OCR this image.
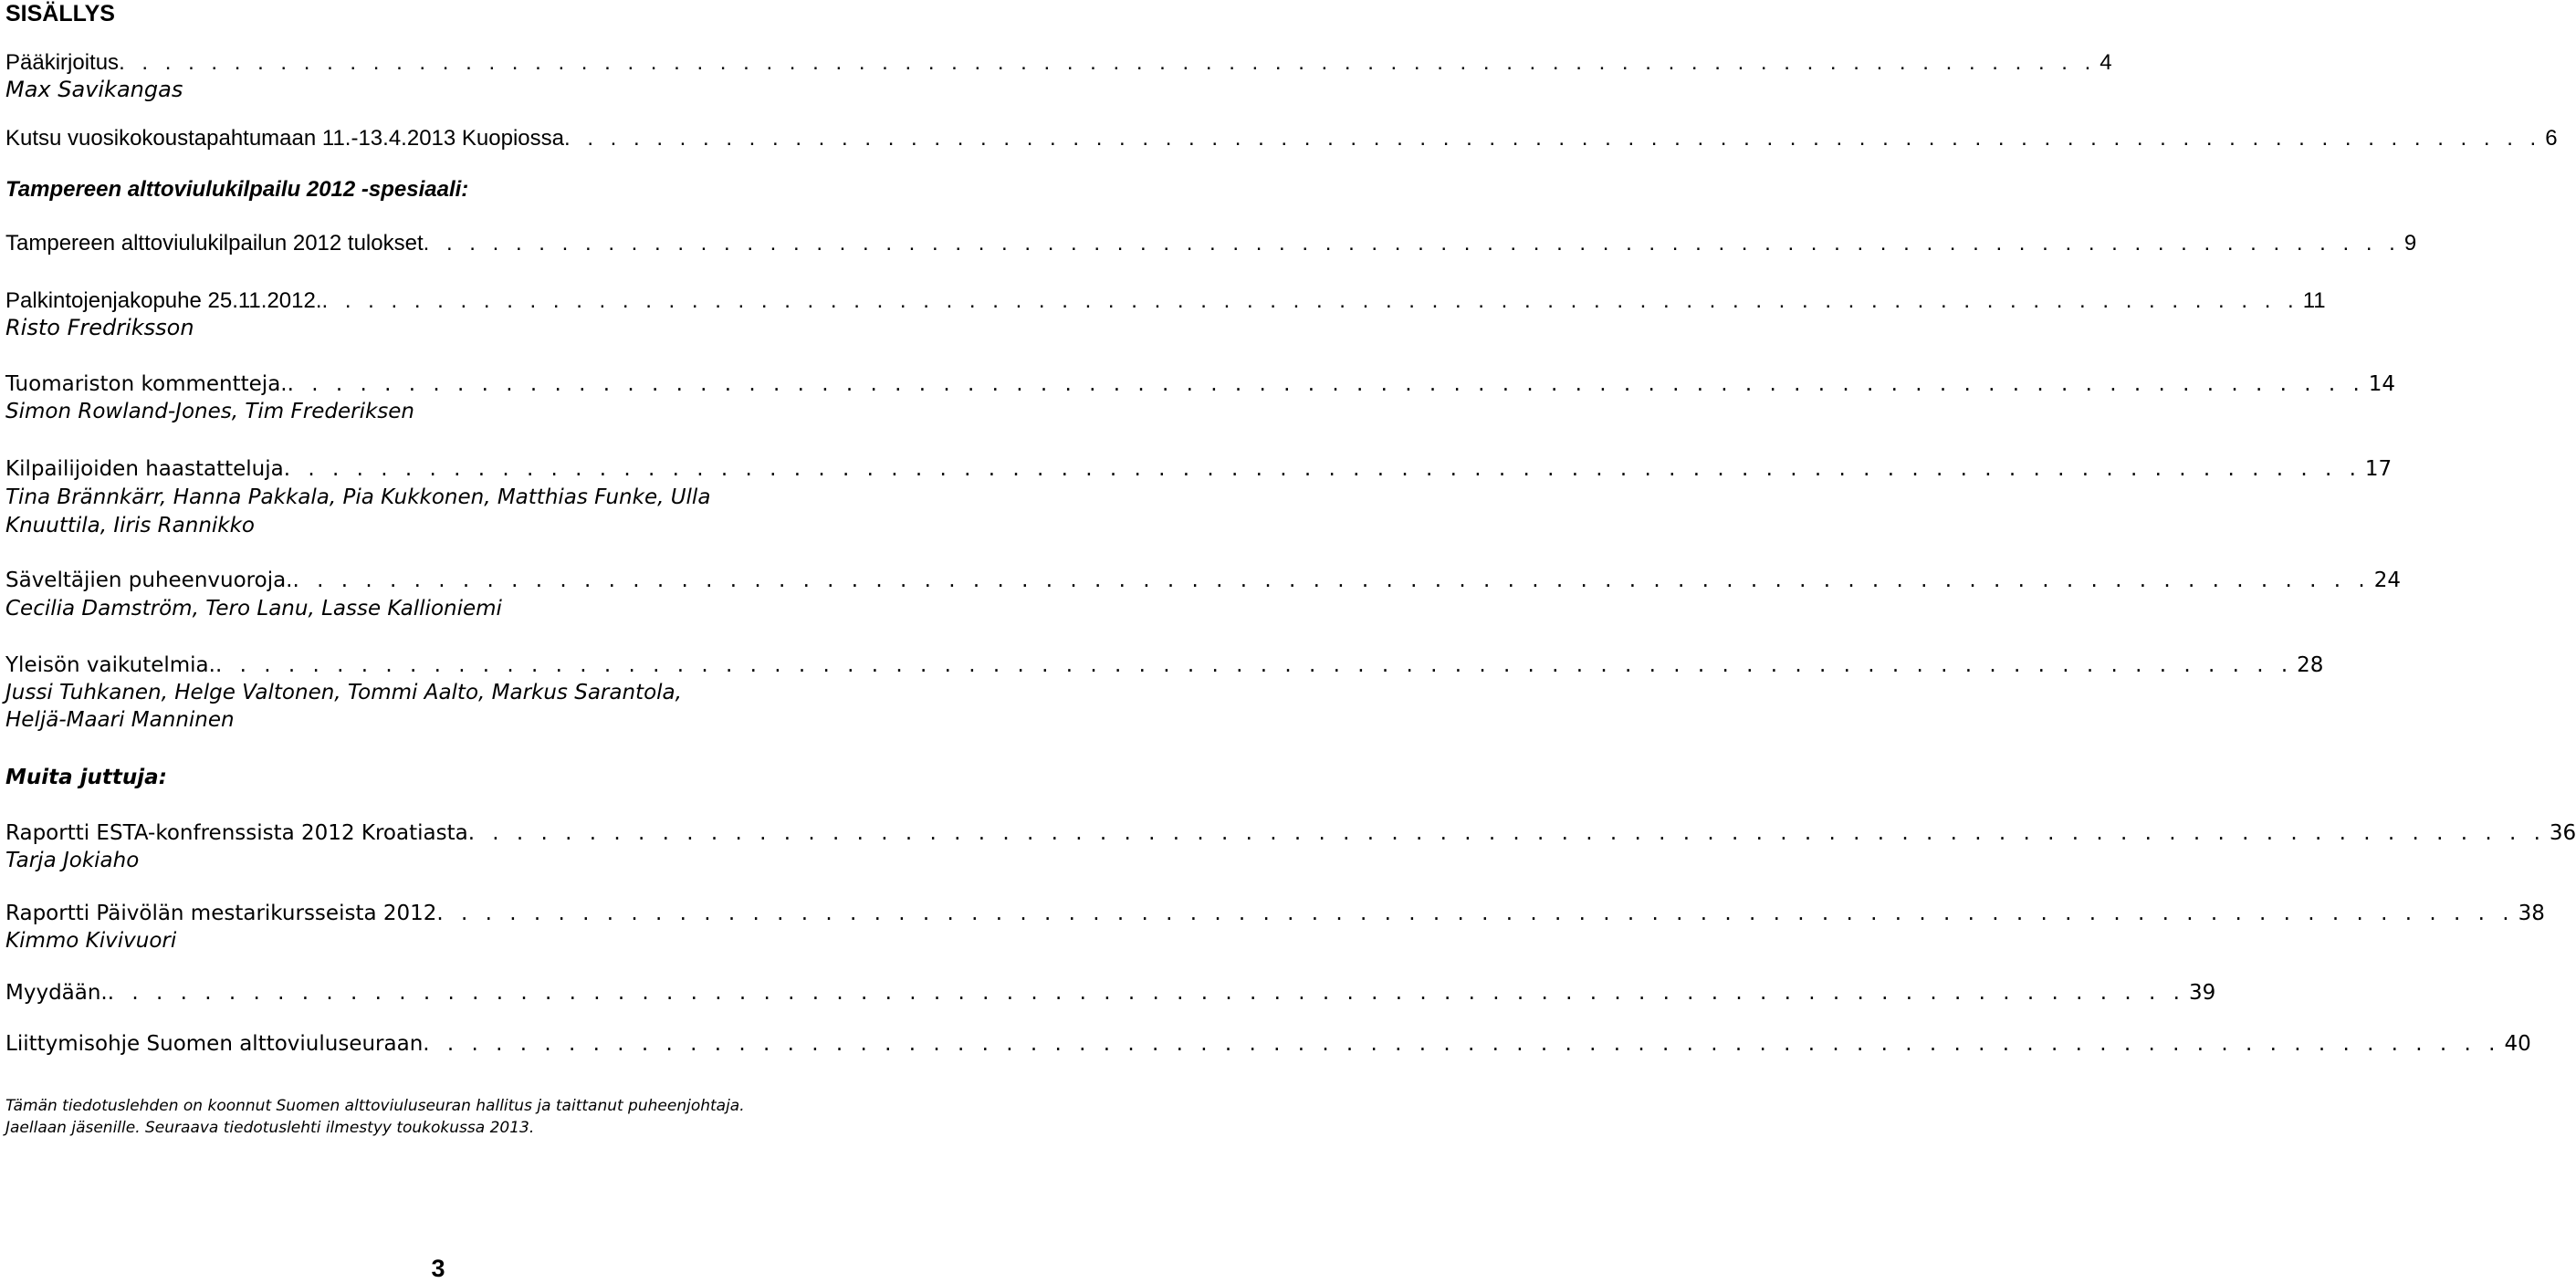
SISÄLLYS
Pääkirjoitus . . . . . . . . . . . . . . . . . . . . . . . . . . . . . . . . . . . . . . . . . . . . . . . . . . . . . . . . . . . . . . . . . . . . . . . . . . . . . . . . . . . . . . 4
Max Savikangas
Kutsu vuosikokoustapahtumaan 11.-13.4.2013 Kuopiossa . . . . . . . . . . . . . . . . . . . . . . . . . . . . . . . . . . . . . . . . . . . . . . . . . . . . . . . . . . . . . . . . . . . . . . . . . . . . . . . . . . . . . . 6
Tampereen alttoviulukilpailu 2012 -spesiaali:
Tampereen alttoviulukilpailun 2012 tulokset . . . . . . . . . . . . . . . . . . . . . . . . . . . . . . . . . . . . . . . . . . . . . . . . . . . . . . . . . . . . . . . . . . . . . . . . . . . . . . . . . . . . . . 9
Palkintojenjakopuhe 25.11.2012. . . . . . . . . . . . . . . . . . . . . . . . . . . . . . . . . . . . . . . . . . . . . . . . . . . . . . . . . . . . . . . . . . . . . . . . . . . . . . . . . . . . . . . 11
Risto Fredriksson
Tuomariston kommentteja. . . . . . . . . . . . . . . . . . . . . . . . . . . . . . . . . . . . . . . . . . . . . . . . . . . . . . . . . . . . . . . . . . . . . . . . . . . . . . . . . . . . . . . 14
Simon Rowland-Jones, Tim Frederiksen
Kilpailijoiden haastatteluja . . . . . . . . . . . . . . . . . . . . . . . . . . . . . . . . . . . . . . . . . . . . . . . . . . . . . . . . . . . . . . . . . . . . . . . . . . . . . . . . . . . . . . 17
Tina Brännkärr, Hanna Pakkala, Pia Kukkonen, Matthias Funke, Ulla
Knuuttila, Iiris Rannikko
Säveltäjien puheenvuoroja. . . . . . . . . . . . . . . . . . . . . . . . . . . . . . . . . . . . . . . . . . . . . . . . . . . . . . . . . . . . . . . . . . . . . . . . . . . . . . . . . . . . . . . 24
Cecilia Damström, Tero Lanu, Lasse Kallioniemi
Yleisön vaikutelmia. . . . . . . . . . . . . . . . . . . . . . . . . . . . . . . . . . . . . . . . . . . . . . . . . . . . . . . . . . . . . . . . . . . . . . . . . . . . . . . . . . . . . . . 28
Jussi Tuhkanen, Helge Valtonen, Tommi Aalto, Markus Sarantola,
Heljä-Maari Manninen
Muita juttuja:
Raportti ESTA-konfrenssista 2012 Kroatiasta . . . . . . . . . . . . . . . . . . . . . . . . . . . . . . . . . . . . . . . . . . . . . . . . . . . . . . . . . . . . . . . . . . . . . . . . . . . . . . . . . . . . . . 36
Tarja Jokiaho
Raportti Päivölän mestarikursseista 2012 . . . . . . . . . . . . . . . . . . . . . . . . . . . . . . . . . . . . . . . . . . . . . . . . . . . . . . . . . . . . . . . . . . . . . . . . . . . . . . . . . . . . . . 38
Kimmo Kivivuori
Myydään. . . . . . . . . . . . . . . . . . . . . . . . . . . . . . . . . . . . . . . . . . . . . . . . . . . . . . . . . . . . . . . . . . . . . . . . . . . . . . . . . . . . . . . 39
Liittymisohje Suomen alttoviuluseuraan . . . . . . . . . . . . . . . . . . . . . . . . . . . . . . . . . . . . . . . . . . . . . . . . . . . . . . . . . . . . . . . . . . . . . . . . . . . . . . . . . . . . . . 40
Tämän tiedotuslehden on koonnut Suomen alttoviuluseuran hallitus ja taittanut puheenjohtaja.
Jaellaan jäsenille. Seuraava tiedotuslehti ilmestyy toukokussa 2013.
3
